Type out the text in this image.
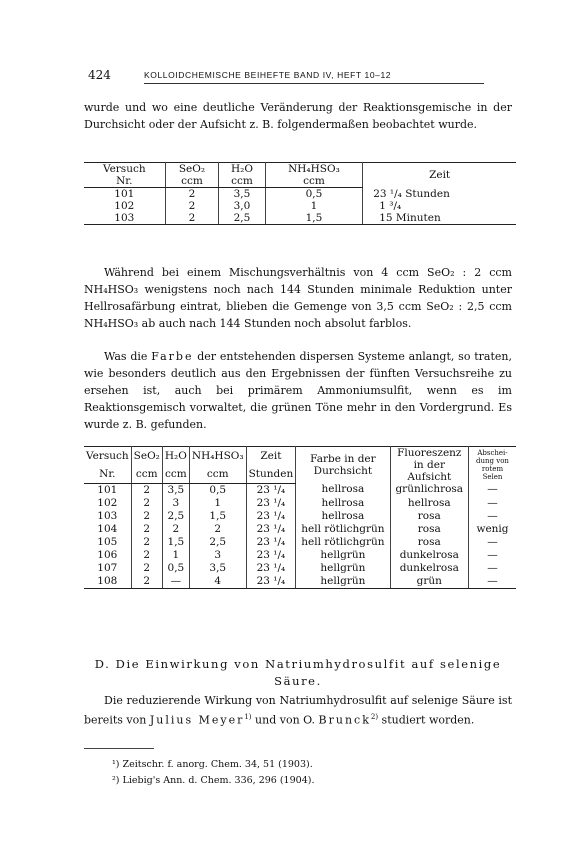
424	KOLLOIDCHEMISCHE BEIHEFTE BAND IV, HEFT 10–12

wurde und wo eine deutliche Veränderung der Reaktionsgemische in der Durchsicht oder der Aufsicht z. B. folgendermaßen beobachtet wurde.

Versuch	SeO₂	H₂O	NH₄HSO₃	Zeit
Nr.	ccm	ccm	ccm	
101	2	3,5	0,5	23 ¹/₄ Stunden
102	2	3,0	1	1 ³/₄
103	2	2,5	1,5	15 Minuten

Während bei einem Mischungsverhältnis von 4 ccm SeO₂ : 2 ccm NH₄HSO₃ wenigstens noch nach 144 Stunden minimale Reduktion unter Hellrosafärbung eintrat, blieben die Gemenge von 3,5 ccm SeO₂ : 2,5 ccm NH₄HSO₃ ab auch nach 144 Stunden noch absolut farblos.

Was die Farbe der entstehenden dispersen Systeme anlangt, so traten, wie besonders deutlich aus den Ergebnissen der fünften Versuchsreihe zu ersehen ist, auch bei primärem Ammoniumsulfit, wenn es im Reaktionsgemisch vorwaltet, die grünen Töne mehr in den Vordergrund. Es wurde z. B. gefunden.

Versuch	SeO₂	H₂O	NH₄HSO₃	Zeit	Farbe in der Durchsicht	Fluoreszenz in der Aufsicht	Abschei-dung von rotem Selen
Nr.	ccm	ccm	ccm	Stunden			
101	2	3,5	0,5	23 ¹/₄	hellrosa	grünlichrosa	—
102	2	3	1	23 ¹/₄	hellrosa	hellrosa	—
103	2	2,5	1,5	23 ¹/₄	hellrosa	rosa	—
104	2	2	2	23 ¹/₄	hell rötlichgrün	rosa	wenig
105	2	1,5	2,5	23 ¹/₄	hell rötlichgrün	rosa	—
106	2	1	3	23 ¹/₄	hellgrün	dunkelrosa	—
107	2	0,5	3,5	23 ¹/₄	hellgrün	dunkelrosa	—
108	2	—	4	23 ¹/₄	hellgrün	grün	—
D. Die Einwirkung von Natriumhydrosulfit auf selenige Säure.

Die reduzierende Wirkung von Natriumhydrosulfit auf selenige Säure ist bereits von Julius Meyer$^{1)}$ und von O. Brunck$^{2)}$ studiert worden.

¹) Zeitschr. f. anorg. Chem. 34, 51 (1903).
²) Liebig's Ann. d. Chem. 336, 296 (1904).
